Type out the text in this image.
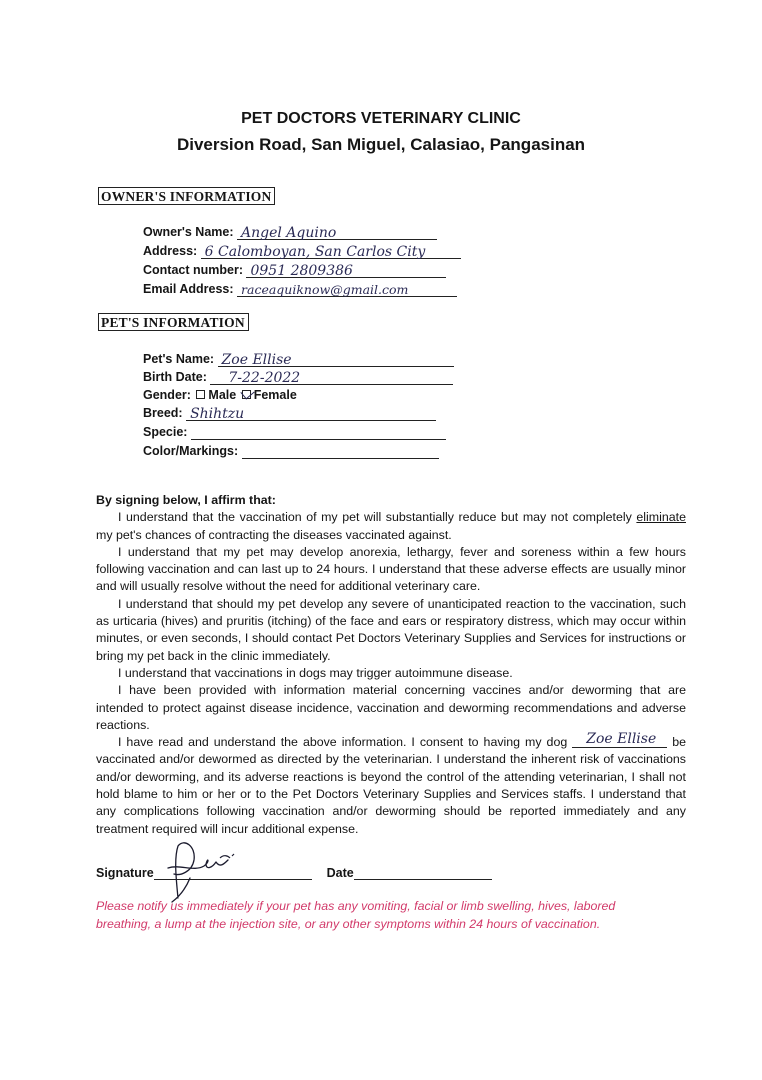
PET DOCTORS VETERINARY CLINIC
Diversion Road, San Miguel, Calasiao, Pangasinan
OWNER'S INFORMATION
Owner's Name: Angel Aquino
Address: 6 Calomboyan, San Carlos City
Contact number: 0951 2809386
Email Address: raceaquiknow@gmail.com
PET'S INFORMATION
Pet's Name: Zoe Ellise
Birth Date: 7-22-2022
Gender: Male Female
Breed: Shihtzu
Specie:
Color/Markings:

By signing below, I affirm that:

I understand that the vaccination of my pet will substantially reduce but may not completely eliminate my pet's chances of contracting the diseases vaccinated against.

I understand that my pet may develop anorexia, lethargy, fever and soreness within a few hours following vaccination and can last up to 24 hours. I understand that these adverse effects are usually minor and will usually resolve without the need for additional veterinary care.

I understand that should my pet develop any severe of unanticipated reaction to the vaccination, such as urticaria (hives) and pruritis (itching) of the face and ears or respiratory distress, which may occur within minutes, or even seconds, I should contact Pet Doctors Veterinary Supplies and Services for instructions or bring my pet back in the clinic immediately.

I understand that vaccinations in dogs may trigger autoimmune disease.

I have been provided with information material concerning vaccines and/or deworming that are intended to protect against disease incidence, vaccination and deworming recommendations and adverse reactions.

I have read and understand the above information. I consent to having my dog Zoe Ellise be vaccinated and/or dewormed as directed by the veterinarian. I understand the inherent risk of vaccinations and/or deworming, and its adverse reactions is beyond the control of the attending veterinarian, I shall not hold blame to him or her or to the Pet Doctors Veterinary Supplies and Services staffs. I understand that any complications following vaccination and/or deworming should be reported immediately and any treatment required will incur additional expense.

Signature	Date
Please notify us immediately if your pet has any vomiting, facial or limb swelling, hives, labored breathing, a lump at the injection site, or any other symptoms within 24 hours of vaccination.
